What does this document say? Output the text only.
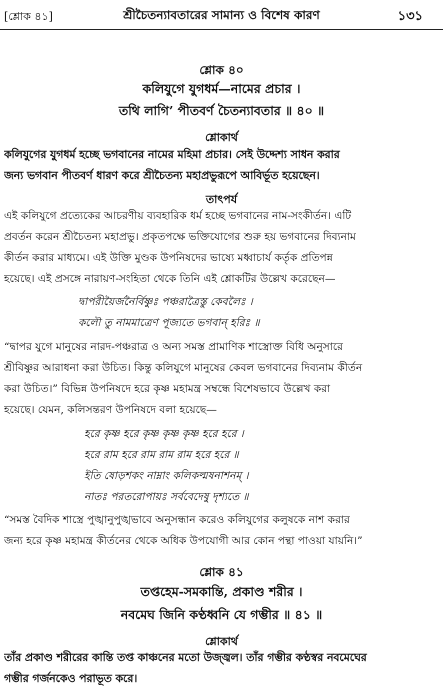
[শ্লোক ৪১]	শ্রীচৈতন্যাবতারের সামান্য ও বিশেষ কারণ	১৩১
শ্লোক ৪০
কলিযুগে যুগধর্ম—নামের প্রচার ।
তথি লাগি’ পীতবর্ণ চৈতন্যাবতার ॥ ৪০ ॥
শ্লোকার্থ
কলিযুগের যুগধর্ম হচ্ছে ভগবানের নামের মহিমা প্রচার। সেই উদ্দেশ্য সাধন করার
জন্য ভগবান পীতবর্ণ ধারণ করে শ্রীচৈতন্য মহাপ্রভুরূপে আবির্ভূত হয়েছেন।
তাৎপর্য
এই কলিযুগে প্রত্যেকের আচরণীয় ব্যবহারিক ধর্ম হচ্ছে ভগবানের নাম-সংকীর্তন। এটি
প্রবর্তন করেন শ্রীচৈতন্য মহাপ্রভু। প্রকৃতপক্ষে ভক্তিযোগের শুরু হয় ভগবানের দিব্যনাম
কীর্তন করার মাধ্যমে। এই উক্তি মুণ্ডক উপনিষদের ভাষ্যে মধ্বাচার্য কর্তৃক প্রতিপন্ন
হয়েছে। এই প্রসঙ্গে নারায়ণ-সংহিতা থেকে তিনি এই শ্লোকটির উল্লেখ করেছেন—
দ্বাপরীয়ৈর্জনৈর্বিষ্ণুঃ পঞ্চরাত্রৈস্তু কেবলৈঃ ।
কলৌ তু নামমাত্রেণ পূজ্যতে ভগবান্ হরিঃ ॥
“দ্বাপর যুগে মানুষের নারদ-পঞ্চরাত্র ও অন্য সমস্ত প্রামাণিক শাস্ত্রোক্ত বিধি অনুসারে
শ্রীবিষ্ণুর আরাধনা করা উচিত। কিন্তু কলিযুগে মানুষের কেবল ভগবানের দিব্যনাম কীর্তন
করা উচিত।” বিভিন্ন উপনিষদে হরে কৃষ্ণ মহামন্ত্র সম্বন্ধে বিশেষভাবে উল্লেখ করা
হয়েছে। যেমন, কলিসন্তরণ উপনিষদে বলা হয়েছে—
হরে কৃষ্ণ হরে কৃষ্ণ কৃষ্ণ কৃষ্ণ হরে হরে ।
হরে রাম হরে রাম রাম রাম হরে হরে ॥
ইতি ষোড়শকং নাম্নাং কলিকল্মষনাশনম্ ।
নাতঃ পরতরোপায়ঃ সর্ববেদেষু দৃশ্যতে ॥
“সমস্ত বৈদিক শাস্ত্রে পুঙ্খানুপুঙ্খভাবে অনুসন্ধান করেও কলিযুগের কলুষকে নাশ করার
জন্য হরে কৃষ্ণ মহামন্ত্র কীর্তনের থেকে অধিক উপযোগী আর কোন পন্থা পাওয়া যায়নি।”
শ্লোক ৪১
তপ্তহেম-সমকান্তি, প্রকাণ্ড শরীর ।
নবমেঘ জিনি কণ্ঠধ্বনি যে গম্ভীর ॥ ৪১ ॥
শ্লোকার্থ
তাঁর প্রকাণ্ড শরীরের কান্তি তপ্ত কাঞ্চনের মতো উজ্জ্বল। তাঁর গম্ভীর কণ্ঠস্বর নবমেঘের
গম্ভীর গর্জনকেও পরাভূত করে।
